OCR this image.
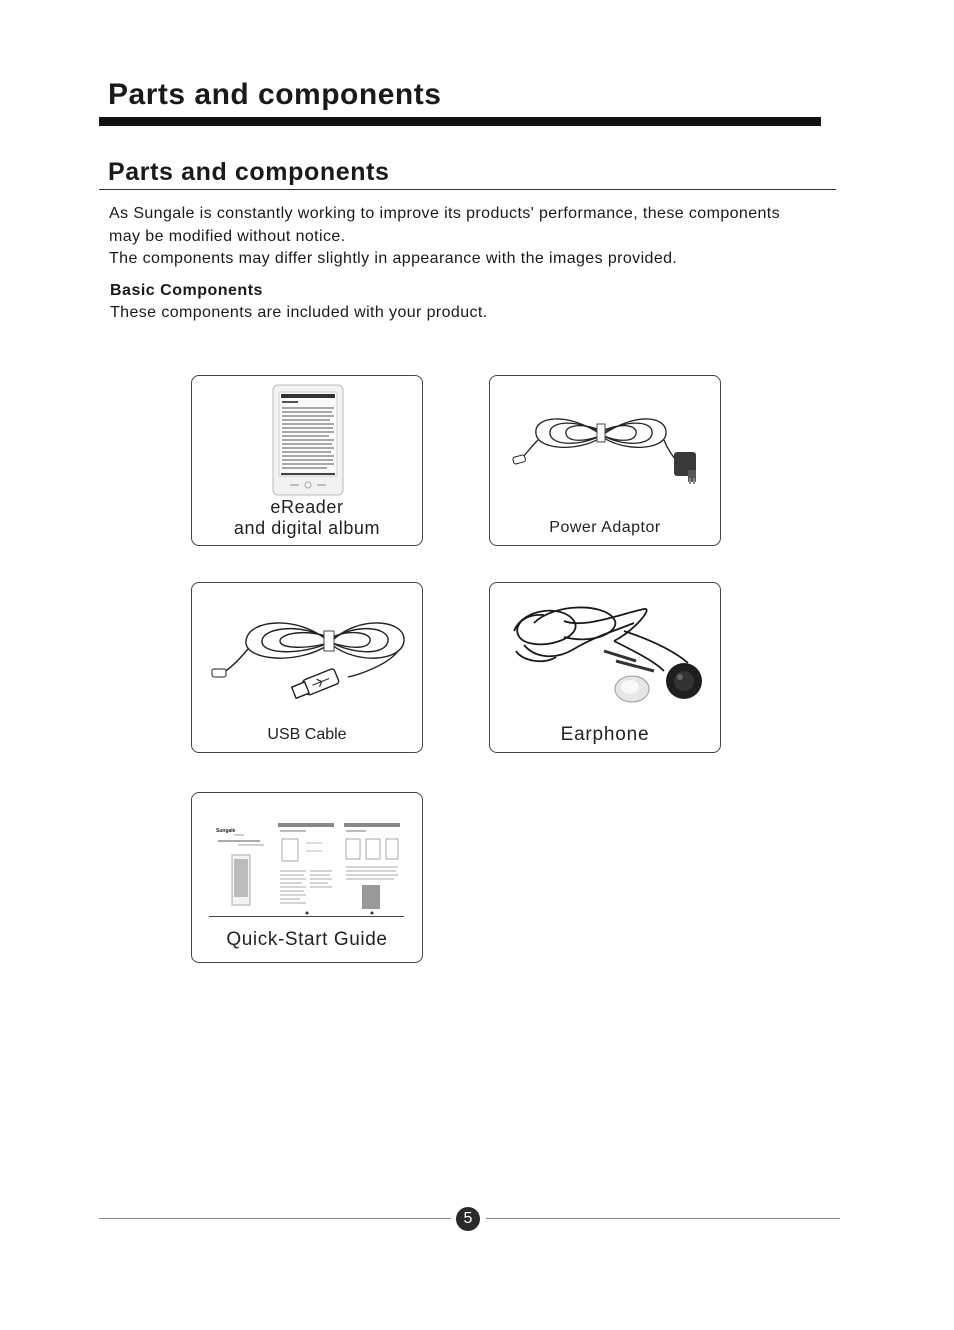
Parts and components
Parts and components

As Sungale is constantly working to improve its products' performance, these components

may be modified without notice.

The components may differ slightly in appearance with the images provided.

Basic Components
These components are included with your product.
eReader
and digital album	Power Adaptor
USB Cable	Earphone
Sungale
Quick-Start Guide
5
